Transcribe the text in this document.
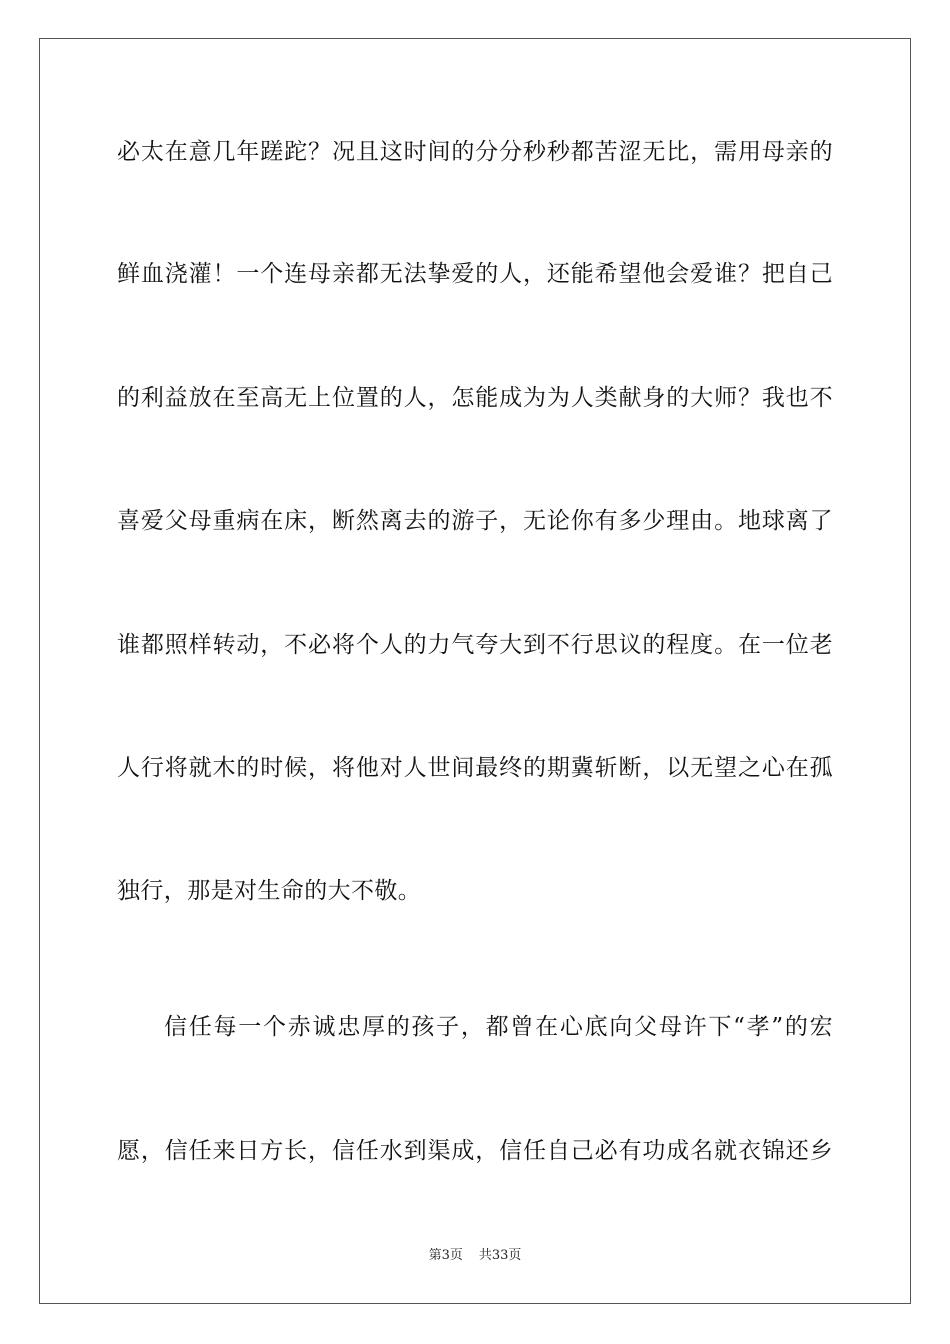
必太在意几年蹉跎？况且这时间的分分秒秒都苦涩无比，需用母亲的
鲜血浇灌！一个连母亲都无法挚爱的人，还能希望他会爱谁？把自己
的利益放在至高无上位置的人，怎能成为为人类献身的大师？我也不
喜爱父母重病在床，断然离去的游子，无论你有多少理由。地球离了
谁都照样转动，不必将个人的力气夸大到不行思议的程度。在一位老
人行将就木的时候，将他对人世间最终的期冀斩断，以无望之心在孤
独行，那是对生命的大不敬。
信任每一个赤诚忠厚的孩子，都曾在心底向父母许下“孝”的宏
愿，信任来日方长，信任水到渠成，信任自己必有功成名就衣锦还乡
第3页 共33页
